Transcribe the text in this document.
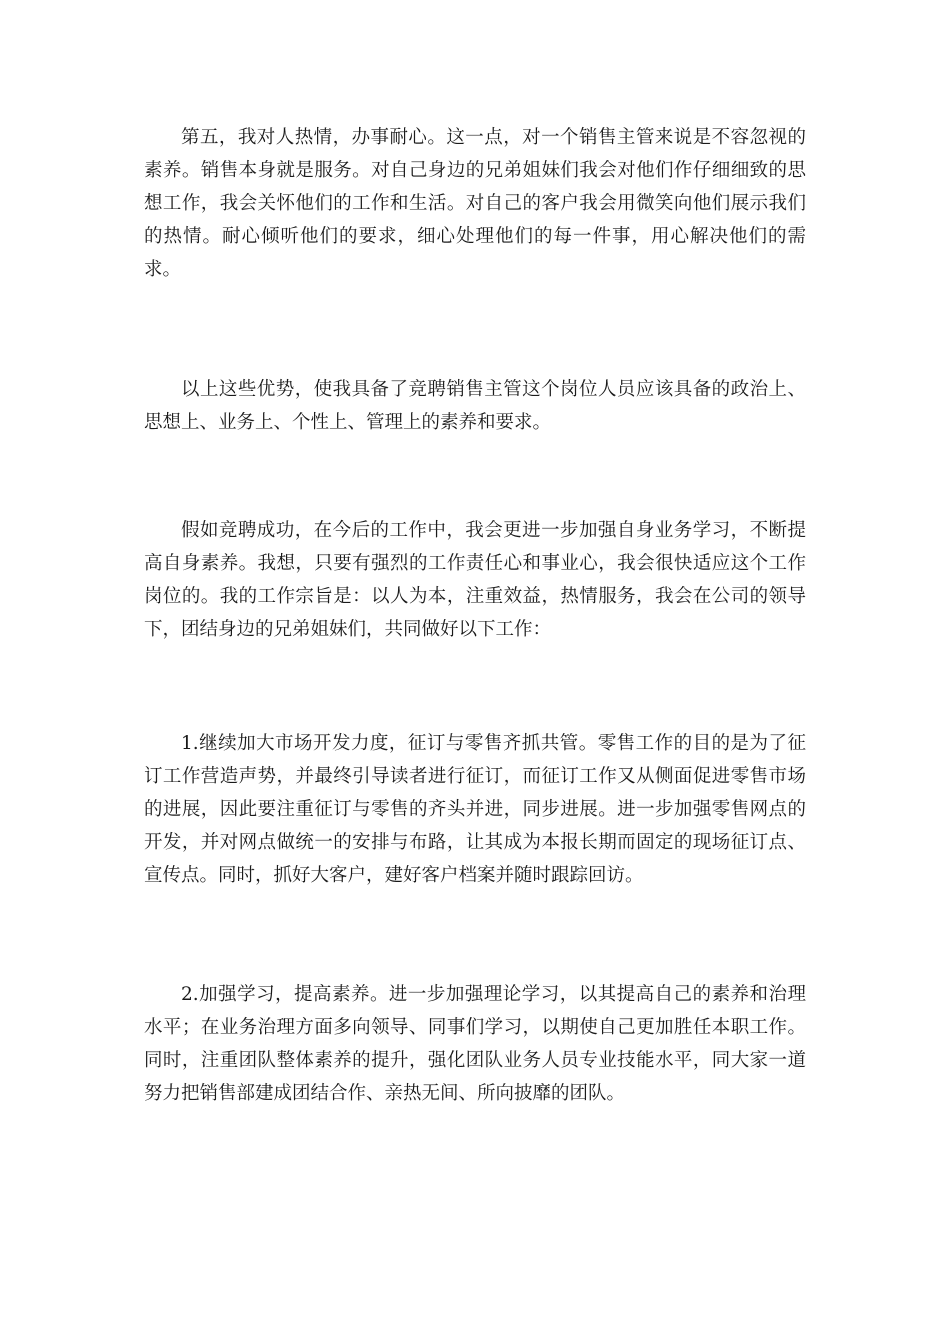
第五，我对人热情，办事耐心。这一点，对一个销售主管来说是不容忽视的素养。销售本身就是服务。对自己身边的兄弟姐妹们我会对他们作仔细细致的思想工作，我会关怀他们的工作和生活。对自己的客户我会用微笑向他们展示我们的热情。耐心倾听他们的要求，细心处理他们的每一件事，用心解决他们的需求。

以上这些优势，使我具备了竞聘销售主管这个岗位人员应该具备的政治上、思想上、业务上、个性上、管理上的素养和要求。

假如竞聘成功，在今后的工作中，我会更进一步加强自身业务学习，不断提高自身素养。我想，只要有强烈的工作责任心和事业心，我会很快适应这个工作岗位的。我的工作宗旨是：以人为本，注重效益，热情服务，我会在公司的领导下，团结身边的兄弟姐妹们，共同做好以下工作：

1.继续加大市场开发力度，征订与零售齐抓共管。零售工作的目的是为了征订工作营造声势，并最终引导读者进行征订，而征订工作又从侧面促进零售市场的进展，因此要注重征订与零售的齐头并进，同步进展。进一步加强零售网点的开发，并对网点做统一的安排与布路，让其成为本报长期而固定的现场征订点、宣传点。同时，抓好大客户，建好客户档案并随时跟踪回访。

2.加强学习，提高素养。进一步加强理论学习，以其提高自己的素养和治理水平；在业务治理方面多向领导、同事们学习，以期使自己更加胜任本职工作。同时，注重团队整体素养的提升，强化团队业务人员专业技能水平，同大家一道努力把销售部建成团结合作、亲热无间、所向披靡的团队。
